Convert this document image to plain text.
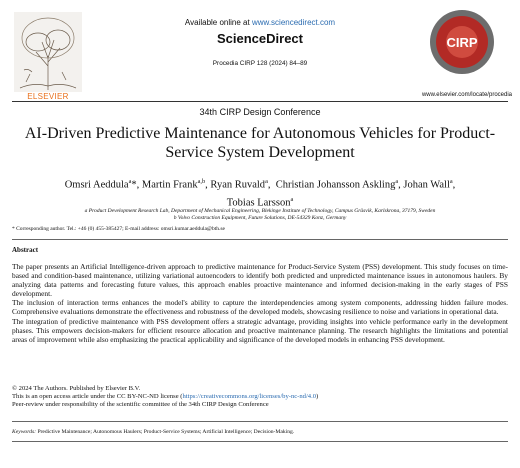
ELSEVIER
Available online at www.sciencedirect.com
ScienceDirect
Procedia CIRP 128 (2024) 84–89
CIRP
www.elsevier.com/locate/procedia
34th CIRP Design Conference
AI-Driven Predictive Maintenance for Autonomous Vehicles for Product-Service System Development
Omsri Aeddula$^a$*, Martin Frank$^{a,b}$, Ryan Ruvald$^a$,  Christian Johansson Askling$^a$, Johan Wall$^a$,
Tobias Larsson$^a$
a Product Development Research Lab, Department of Mechanical Engineering, Blekinge Institute of Technology, Campus Gräsvik, Karlskrona, 37179, Sweden
b Volvo Construction Equipment, Future Solutions, DE-54329 Konz, Germany
* Corresponding author. Tel.: +46 (0) 455-385427; E-mail address: omsri.kumar.aeddula@bth.se
Abstract

The paper presents an Artificial Intelligence-driven approach to predictive maintenance for Product-Service System (PSS) development. This study focuses on time-based and condition-based maintenance, utilizing variational autoencoders to identify both predicted and unpredicted maintenance issues in autonomous haulers. By analyzing data patterns and forecasting future values, this approach enables proactive maintenance and informed decision-making in the early stages of PSS development.

The inclusion of interaction terms enhances the model's ability to capture the interdependencies among system components, addressing hidden failure modes. Comprehensive evaluations demonstrate the effectiveness and robustness of the developed models, showcasing resilience to noise and variations in operational data.

The integration of predictive maintenance with PSS development offers a strategic advantage, providing insights into vehicle performance early in the development phases. This empowers decision-makers for efficient resource allocation and proactive maintenance planning. The research highlights the limitations and potential areas of improvement while also emphasizing the practical applicability and significance of the developed models in enhancing PSS development.

© 2024 The Authors. Published by Elsevier B.V.
This is an open access article under the CC BY-NC-ND license (https://creativecommons.org/licenses/by-nc-nd/4.0)
Peer-review under responsibility of the scientific committee of the 34th CIRP Design Conference
Keywords: Predictive Maintenance; Autonomous Haulers; Product-Service Systems; Artificial Intelligence; Decision-Making.
